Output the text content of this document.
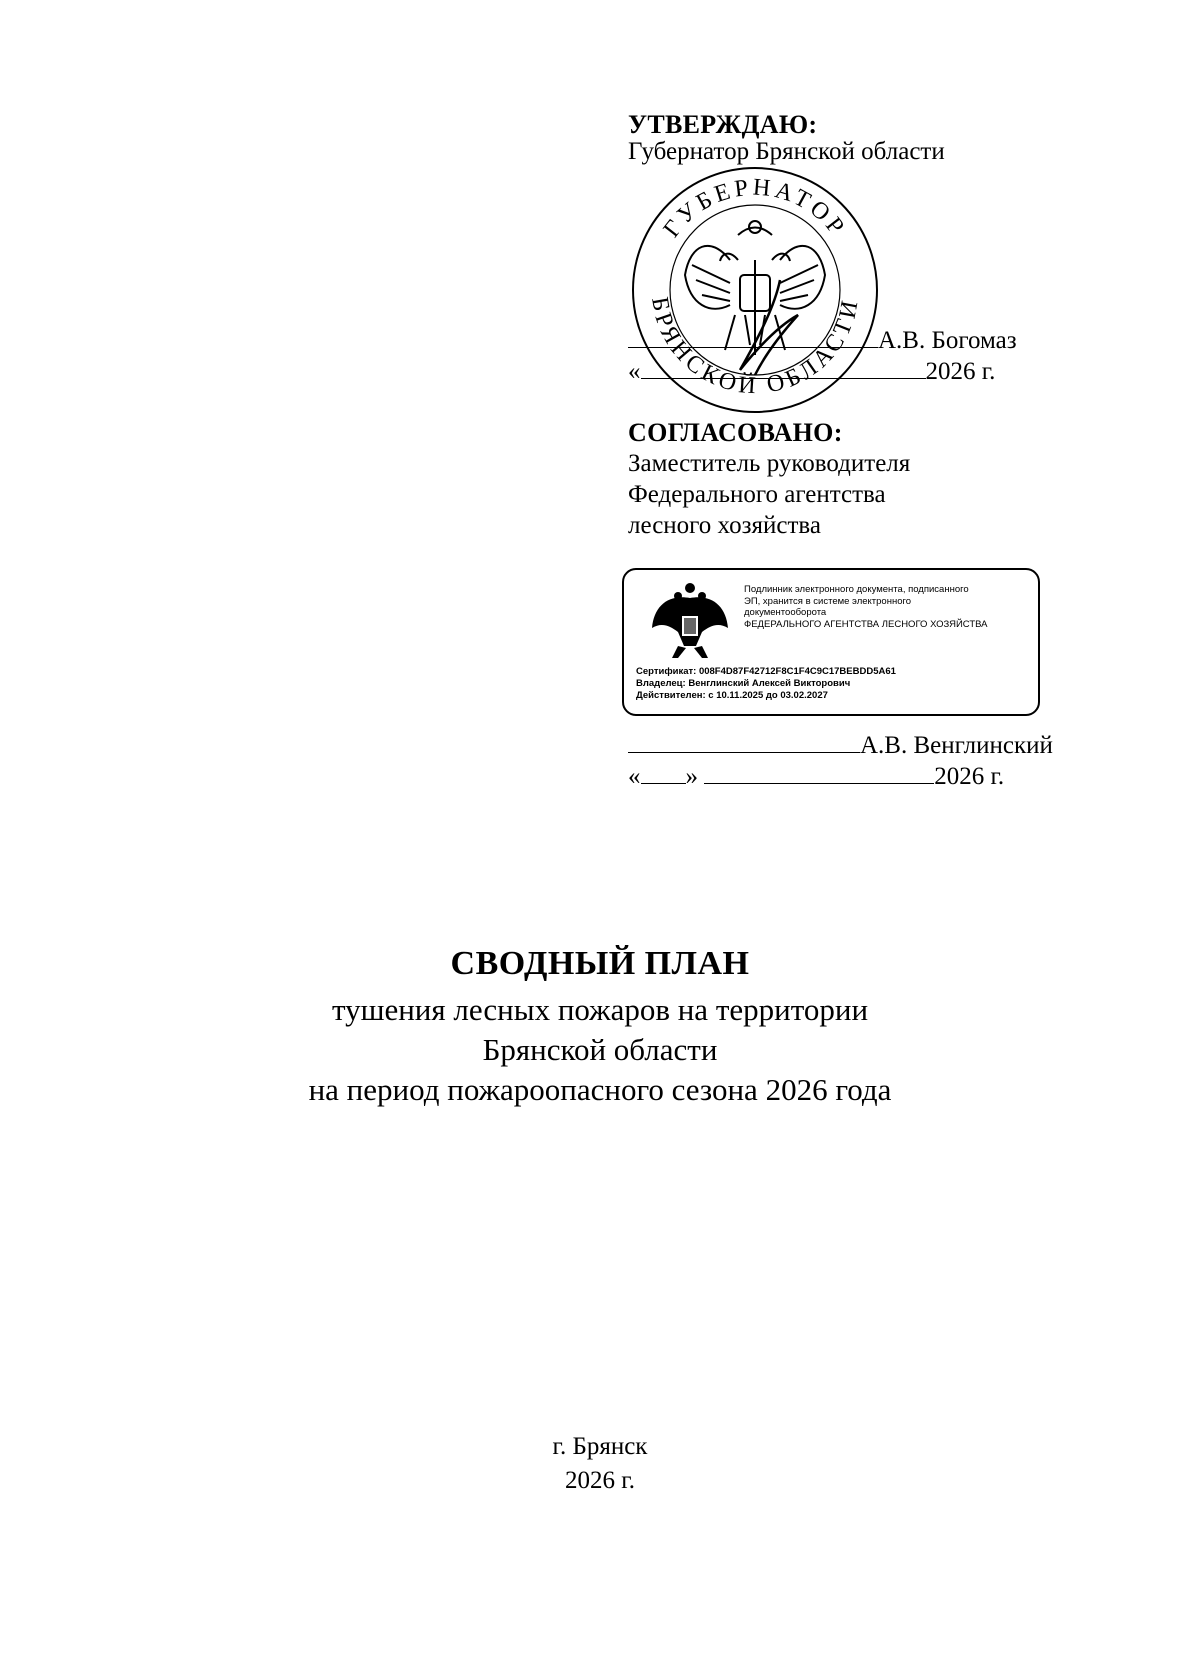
УТВЕРЖДАЮ:
Губернатор Брянской области
ГУБЕРНАТОР
БРЯНСКОЙ ОБЛАСТИ
А.В. Богомаз
«	2026 г.
СОГЛАСОВАНО:
Заместитель руководителя
Федерального агентства
лесного хозяйства
Подлинник электронного документа, подписанного
ЭП, хранится в системе электронного
документооборота
ФЕДЕРАЛЬНОГО АГЕНТСТВА ЛЕСНОГО ХОЗЯЙСТВА
Сертификат: 008F4D87F42712F8C1F4C9C17BEBDD5A61
Владелец: Венглинский Алексей Викторович
Действителен: с 10.11.2025 до 03.02.2027
А.В. Венглинский
« »	2026 г.
СВОДНЫЙ ПЛАН
тушения лесных пожаров на территории
Брянской области
на период пожароопасного сезона 2026 года
г. Брянск
2026 г.
